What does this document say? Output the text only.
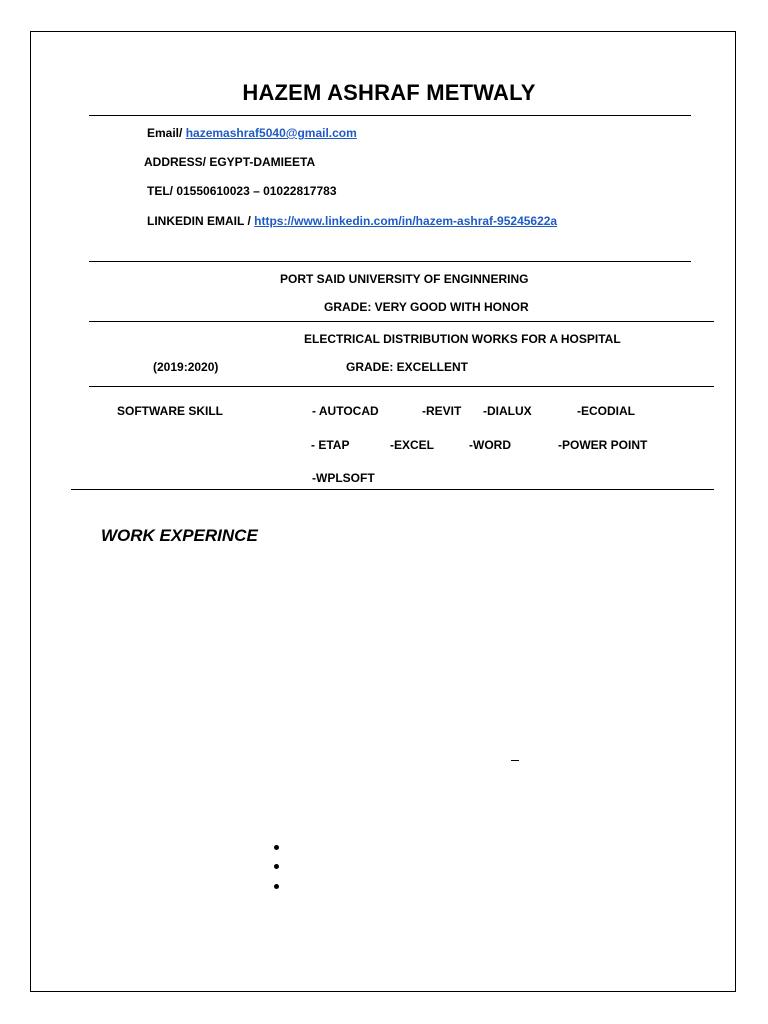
HAZEM ASHRAF METWALY
Email/ hazemashraf5040@gmail.com
ADDRESS/ EGYPT-DAMIEETA
TEL/ 01550610023 – 01022817783
LINKEDIN EMAIL / https://www.linkedin.com/in/hazem-ashraf-95245622a
PORT SAID UNIVERSITY OF ENGINNERING
GRADE: VERY GOOD WITH HONOR
ELECTRICAL DISTRIBUTION WORKS FOR A HOSPITAL
(2019:2020)	GRADE: EXCELLENT
SOFTWARE SKILL	- AUTOCAD	-REVIT -DIALUX	-ECODIAL
- ETAP	-EXCEL	-WORD	-POWER POINT
-WPLSOFT
WORK EXPERINCE
